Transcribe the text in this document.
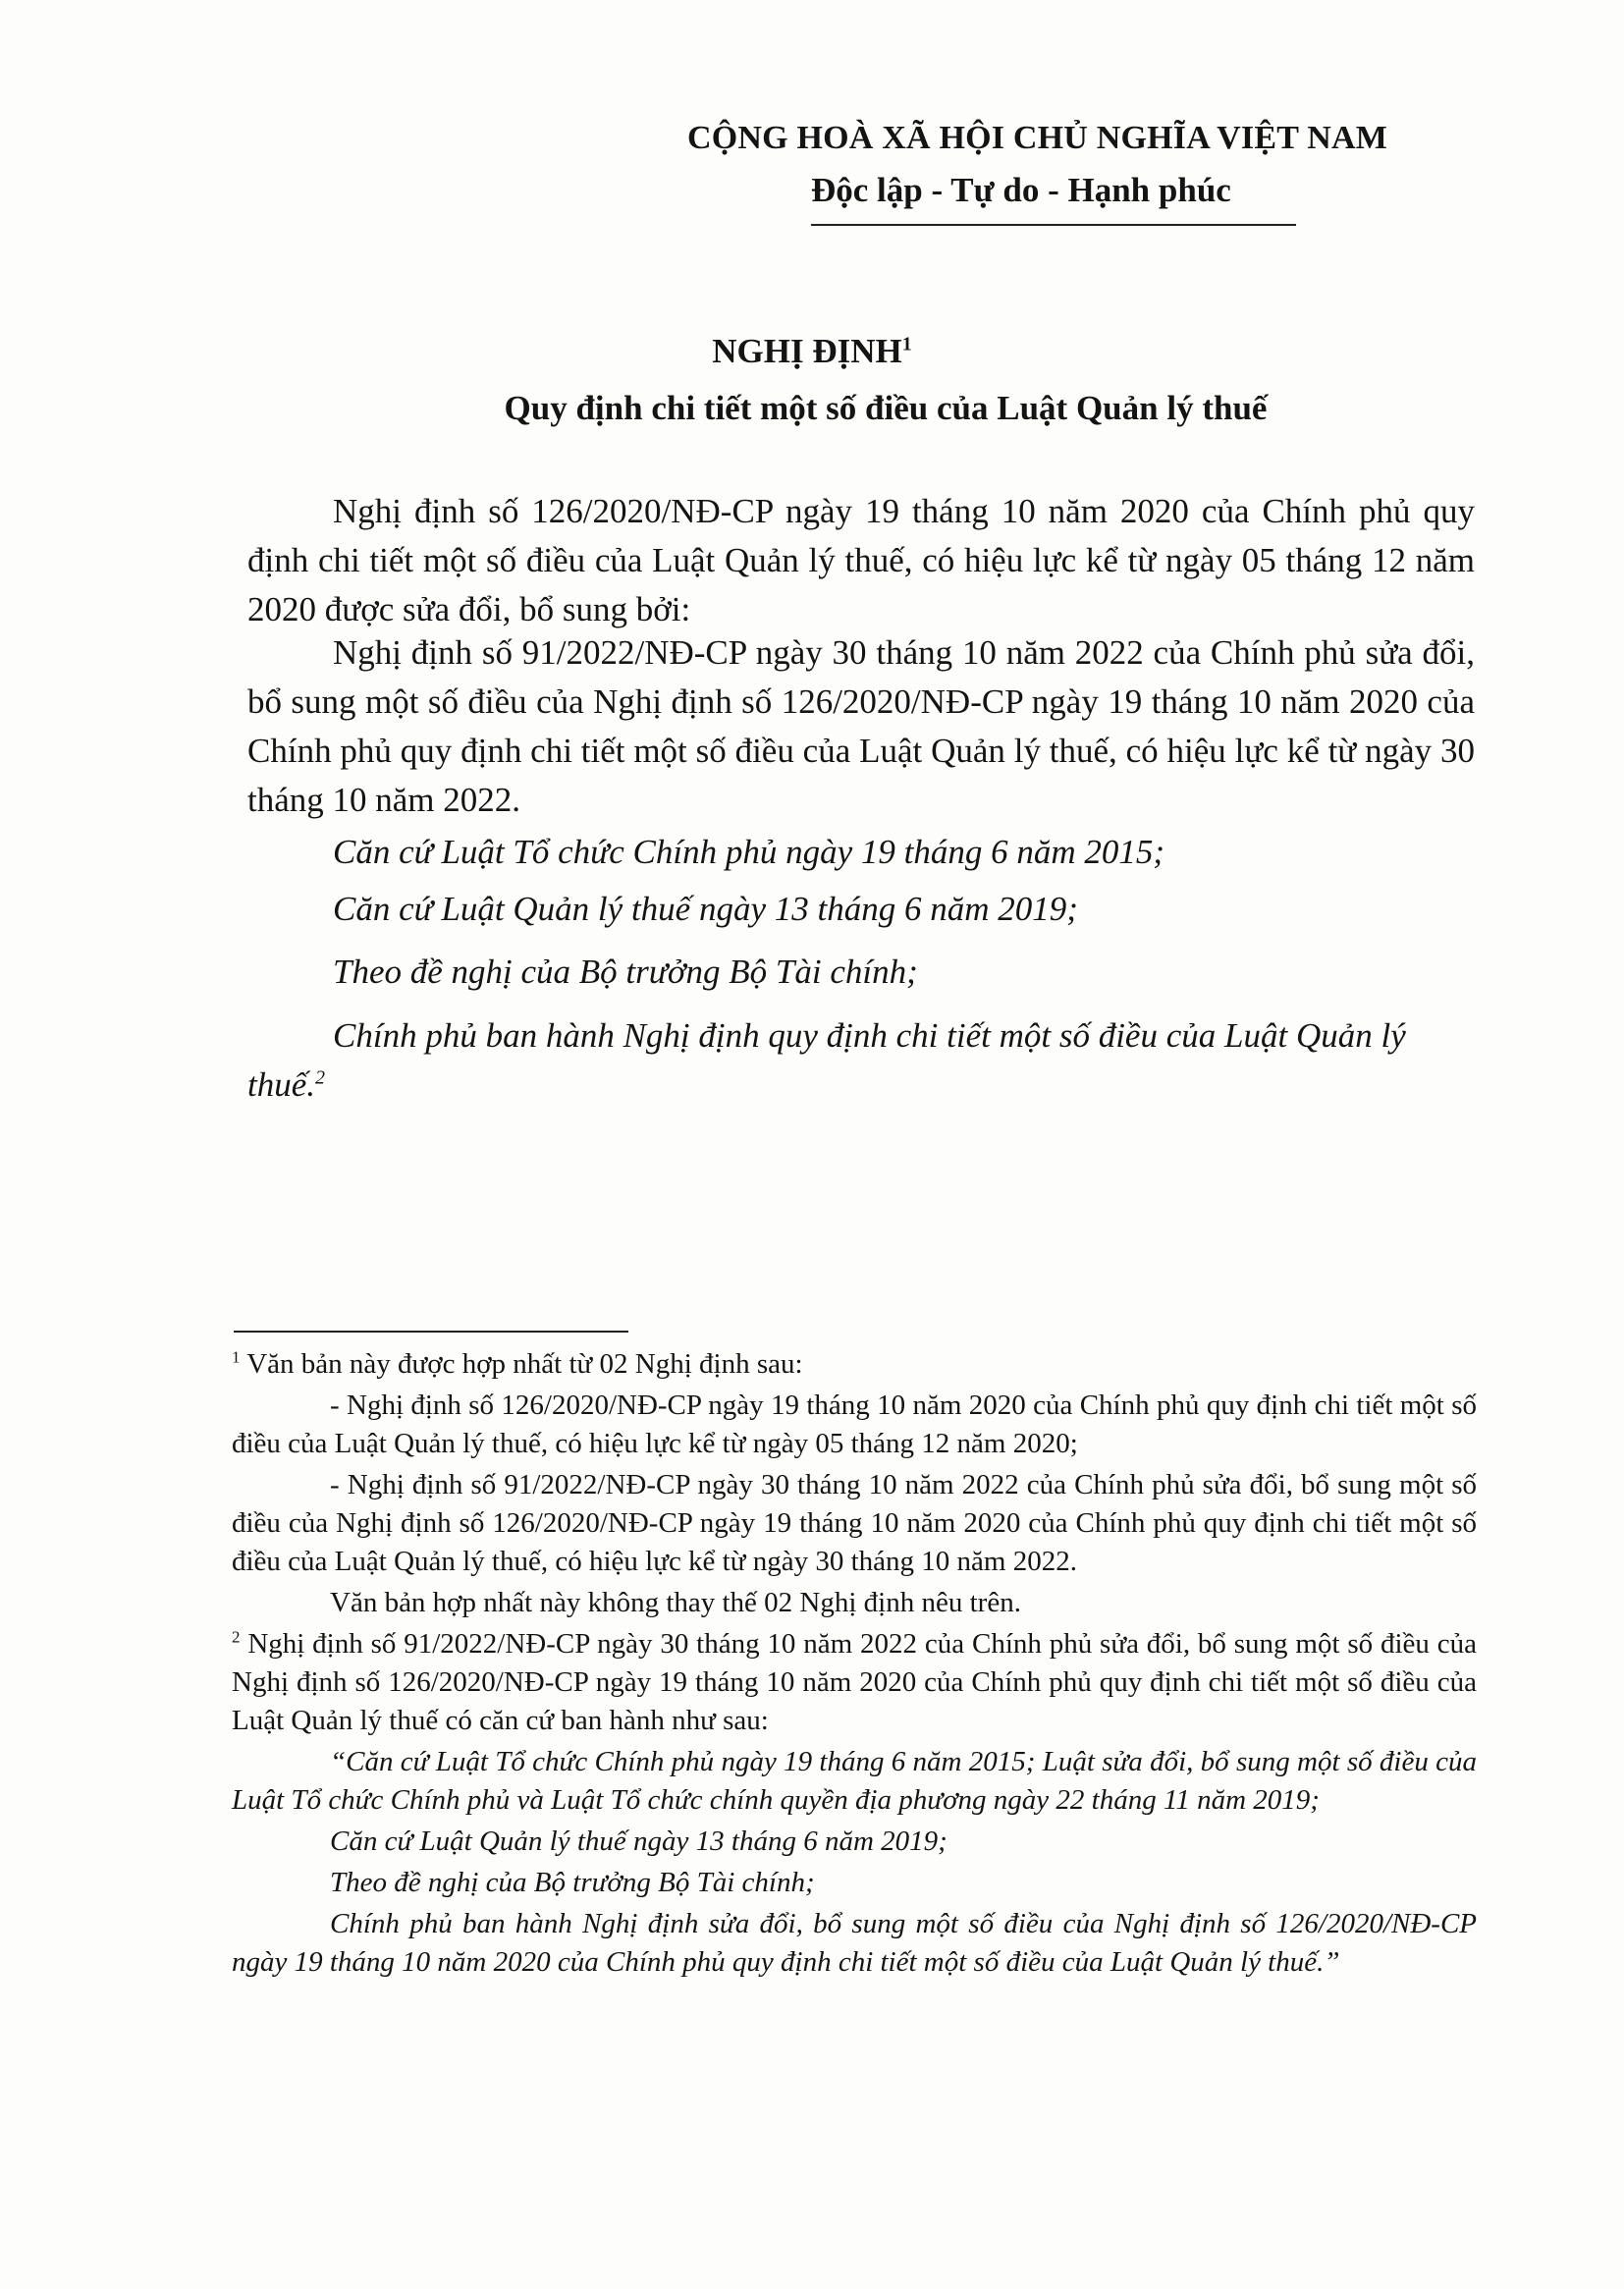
CỘNG HOÀ XÃ HỘI CHỦ NGHĨA VIỆT NAM
Độc lập - Tự do - Hạnh phúc
NGHỊ ĐỊNH$^1$
Quy định chi tiết một số điều của Luật Quản lý thuế

Nghị định số 126/2020/NĐ-CP ngày 19 tháng 10 năm 2020 của Chính phủ quy định chi tiết một số điều của Luật Quản lý thuế, có hiệu lực kể từ ngày 05 tháng 12 năm 2020 được sửa đổi, bổ sung bởi:

Nghị định số 91/2022/NĐ-CP ngày 30 tháng 10 năm 2022 của Chính phủ sửa đổi, bổ sung một số điều của Nghị định số 126/2020/NĐ-CP ngày 19 tháng 10 năm 2020 của Chính phủ quy định chi tiết một số điều của Luật Quản lý thuế, có hiệu lực kể từ ngày 30 tháng 10 năm 2022.

Căn cứ Luật Tổ chức Chính phủ ngày 19 tháng 6 năm 2015;
Căn cứ Luật Quản lý thuế ngày 13 tháng 6 năm 2019;
Theo đề nghị của Bộ trưởng Bộ Tài chính;
Chính phủ ban hành Nghị định quy định chi tiết một số điều của Luật Quản lý thuế.$^2$

$^1$ Văn bản này được hợp nhất từ 02 Nghị định sau:

- Nghị định số 126/2020/NĐ-CP ngày 19 tháng 10 năm 2020 của Chính phủ quy định chi tiết một số điều của Luật Quản lý thuế, có hiệu lực kể từ ngày 05 tháng 12 năm 2020;

- Nghị định số 91/2022/NĐ-CP ngày 30 tháng 10 năm 2022 của Chính phủ sửa đổi, bổ sung một số điều của Nghị định số 126/2020/NĐ-CP ngày 19 tháng 10 năm 2020 của Chính phủ quy định chi tiết một số điều của Luật Quản lý thuế, có hiệu lực kể từ ngày 30 tháng 10 năm 2022.

Văn bản hợp nhất này không thay thế 02 Nghị định nêu trên.

$^2$ Nghị định số 91/2022/NĐ-CP ngày 30 tháng 10 năm 2022 của Chính phủ sửa đổi, bổ sung một số điều của Nghị định số 126/2020/NĐ-CP ngày 19 tháng 10 năm 2020 của Chính phủ quy định chi tiết một số điều của Luật Quản lý thuế có căn cứ ban hành như sau:

“Căn cứ Luật Tổ chức Chính phủ ngày 19 tháng 6 năm 2015; Luật sửa đổi, bổ sung một số điều của Luật Tổ chức Chính phủ và Luật Tổ chức chính quyền địa phương ngày 22 tháng 11 năm 2019;

Căn cứ Luật Quản lý thuế ngày 13 tháng 6 năm 2019;

Theo đề nghị của Bộ trưởng Bộ Tài chính;

Chính phủ ban hành Nghị định sửa đổi, bổ sung một số điều của Nghị định số 126/2020/NĐ-CP ngày 19 tháng 10 năm 2020 của Chính phủ quy định chi tiết một số điều của Luật Quản lý thuế.”
